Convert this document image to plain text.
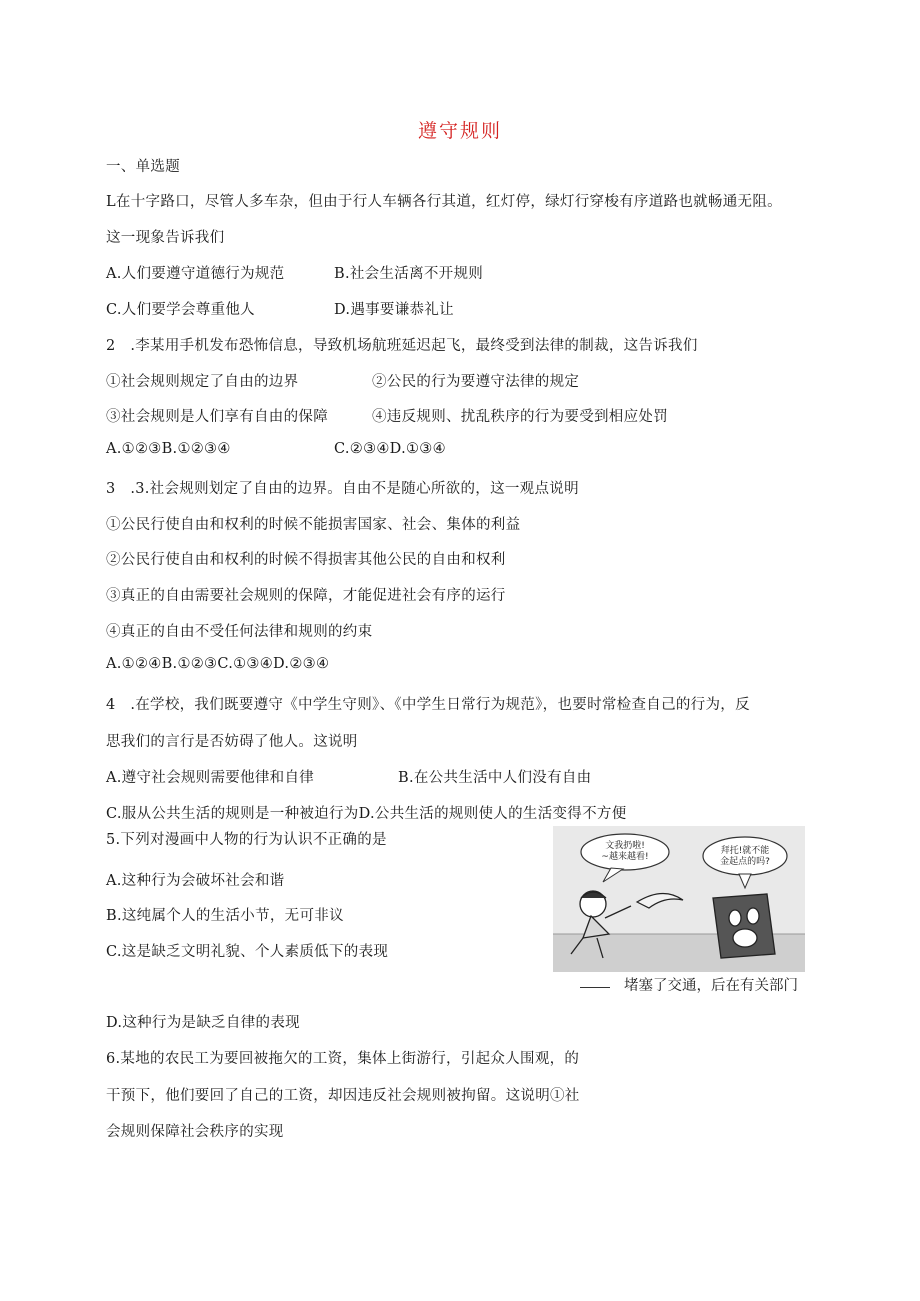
遵守规则
一、单选题
L在十字路口，尽管人多车杂，但由于行人车辆各行其道，红灯停，绿灯行穿梭有序道路也就畅通无阻。
这一现象告诉我们
A.人们要遵守道德行为规范	B.社会生活离不开规则
C.人们要学会尊重他人	D.遇事要谦恭礼让
2　.李某用手机发布恐怖信息，导致机场航班延迟起飞，最终受到法律的制裁，这告诉我们
①社会规则规定了自由的边界	②公民的行为要遵守法律的规定
③社会规则是人们享有自由的保障	④违反规则、扰乱秩序的行为要受到相应处罚
A.①②③B.①②③④	C.②③④D.①③④
3　.3.社会规则划定了自由的边界。自由不是随心所欲的，这一观点说明
①公民行使自由和权利的时候不能损害国家、社会、集体的利益
②公民行使自由和权利的时候不得损害其他公民的自由和权利
③真正的自由需要社会规则的保障，才能促进社会有序的运行
④真正的自由不受任何法律和规则的约束
A.①②④B.①②③C.①③④D.②③④
4　.在学校，我们既要遵守《中学生守则》、《中学生日常行为规范》，也要时常检查自己的行为，反
思我们的言行是否妨碍了他人。这说明
A.遵守社会规则需要他律和自律	B.在公共生活中人们没有自由
C.服从公共生活的规则是一种被迫行为D.公共生活的规则使人的生活变得不方便
5.下列对漫画中人物的行为认识不正确的是
A.这种行为会破坏社会和谐
B.这纯属个人的生活小节，无可非议
C.这是缺乏文明礼貌、个人素质低下的表现
文我扔啦! ~越来越看!
拜托!就不能金起点的吗?
堵塞了交通，后在有关部门
D.这种行为是缺乏自律的表现
6.某地的农民工为要回被拖欠的工资，集体上街游行，引起众人围观，的
干预下，他们要回了自己的工资，却因违反社会规则被拘留。这说明①社
会规则保障社会秩序的实现
